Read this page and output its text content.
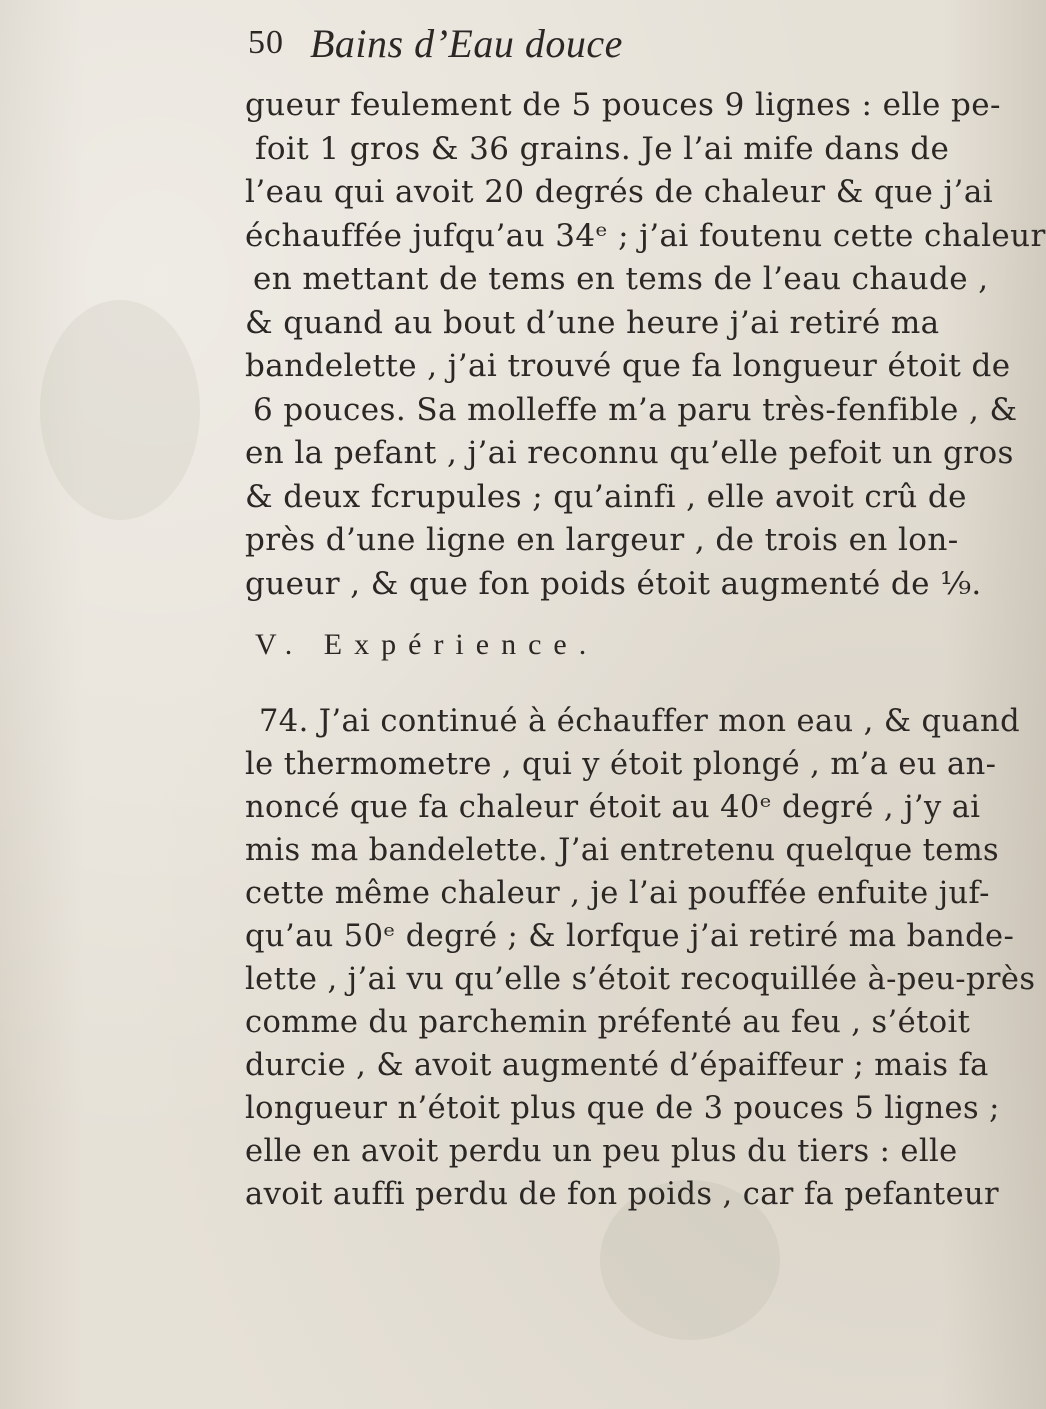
50 Bains d’Eau douce
gueur feulement de 5 pouces 9 lignes : elle pe-
foit 1 gros & 36 grains. Je l’ai mife dans de
l’eau qui avoit 20 degrés de chaleur & que j’ai
échauffée jufqu’au 34ᵉ ; j’ai foutenu cette chaleur
en mettant de tems en tems de l’eau chaude ,
& quand au bout d’une heure j’ai retiré ma
bandelette , j’ai trouvé que fa longueur étoit de
6 pouces. Sa molleffe m’a paru très-fenfible , &
en la pefant , j’ai reconnu qu’elle pefoit un gros
& deux fcrupules ; qu’ainfi , elle avoit crû de
près d’une ligne en largeur , de trois en lon-
gueur , & que fon poids étoit augmenté de ¹⁄₉.
V. Expérience.
74. J’ai continué à échauffer mon eau , & quand
le thermometre , qui y étoit plongé , m’a eu an-
noncé que fa chaleur étoit au 40ᵉ degré , j’y ai
mis ma bandelette. J’ai entretenu quelque tems
cette même chaleur , je l’ai pouffée enfuite juf-
qu’au 50ᵉ degré ; & lorfque j’ai retiré ma bande-
lette , j’ai vu qu’elle s’étoit recoquillée à-peu-près
comme du parchemin préfenté au feu , s’étoit
durcie , & avoit augmenté d’épaiffeur ; mais fa
longueur n’étoit plus que de 3 pouces 5 lignes ;
elle en avoit perdu un peu plus du tiers : elle
avoit auffi perdu de fon poids , car fa pefanteur
